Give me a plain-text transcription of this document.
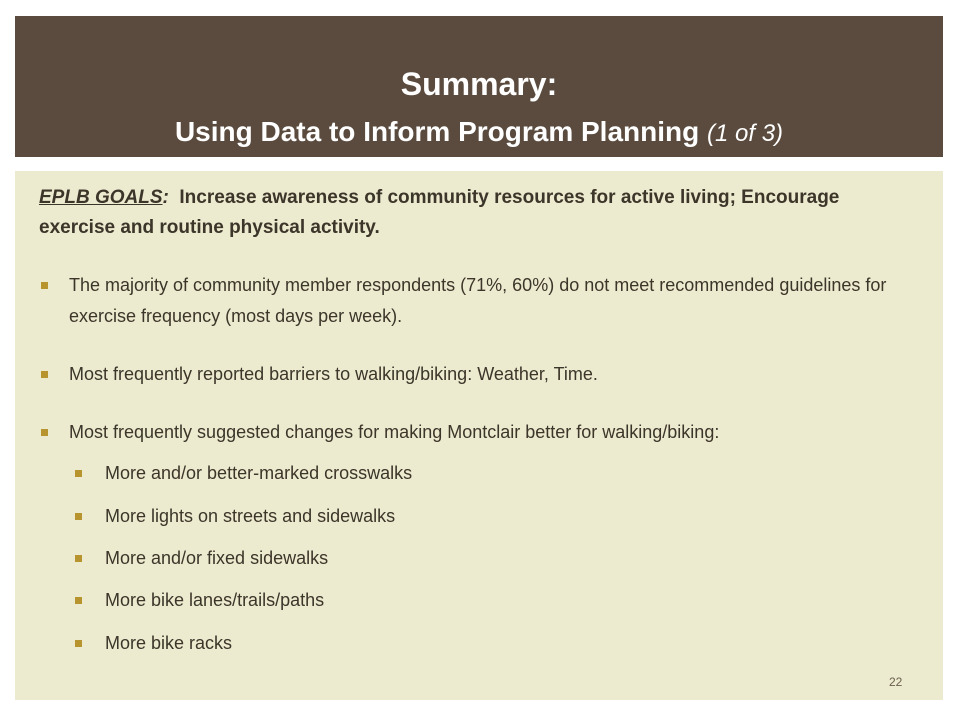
Summary:
Using Data to Inform Program Planning (1 of 3)
EPLB GOALS: Increase awareness of community resources for active living; Encourage exercise and routine physical activity.
The majority of community member respondents (71%, 60%) do not meet recommended guidelines for exercise frequency (most days per week).
Most frequently reported barriers to walking/biking: Weather, Time.
Most frequently suggested changes for making Montclair better for walking/biking:
More and/or better-marked crosswalks
More lights on streets and sidewalks
More and/or fixed sidewalks
More bike lanes/trails/paths
More bike racks
22
